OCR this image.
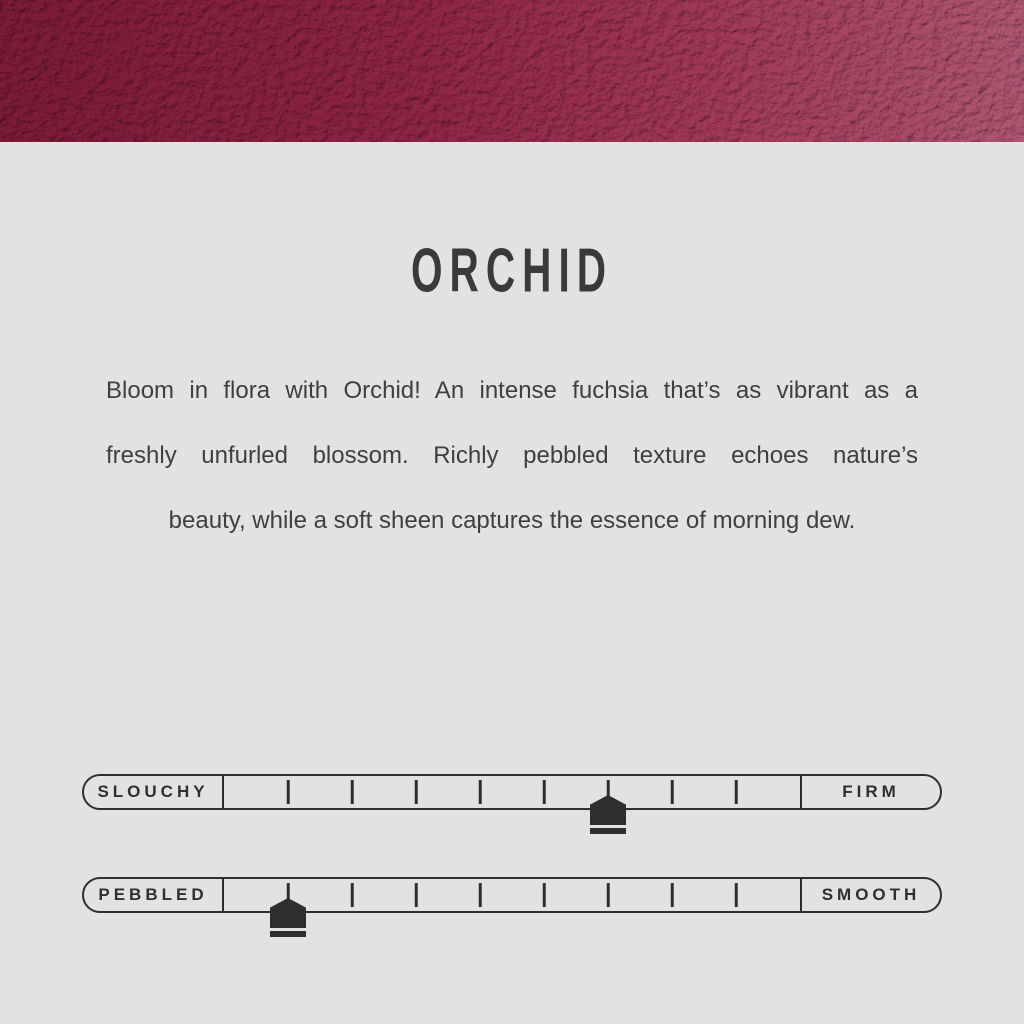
ORCHID

Bloom in flora with Orchid! An intense fuchsia that’s as vibrant as a

freshly unfurled blossom. Richly pebbled texture echoes nature’s

beauty, while a soft sheen captures the essence of morning dew.

SLOUCHY	FIRM
PEBBLED	SMOOTH
